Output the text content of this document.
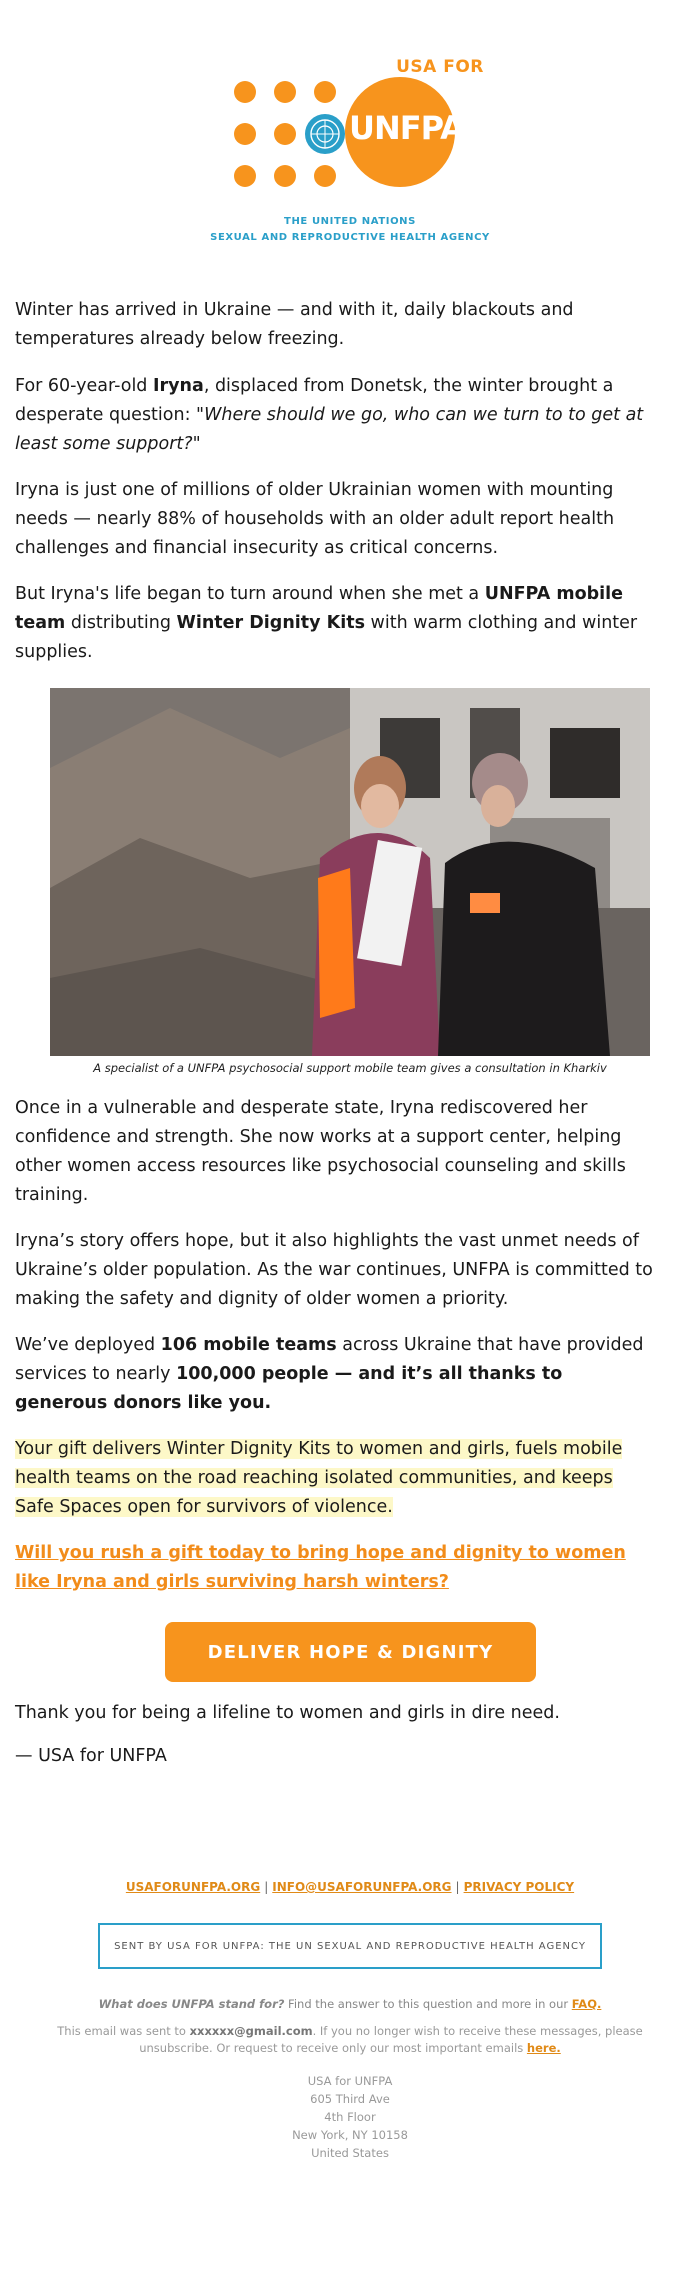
USA FOR
UNFPA
THE UNITED NATIONS
SEXUAL AND REPRODUCTIVE HEALTH AGENCY

Winter has arrived in Ukraine — and with it, daily blackouts and temperatures already below freezing.

For 60-year-old Iryna, displaced from Donetsk, the winter brought a desperate question: "Where should we go, who can we turn to to get at least some support?"

Iryna is just one of millions of older Ukrainian women with mounting needs — nearly 88% of households with an older adult report health challenges and financial insecurity as critical concerns.

But Iryna's life began to turn around when she met a UNFPA mobile team distributing Winter Dignity Kits with warm clothing and winter supplies.

A specialist of a UNFPA psychosocial support mobile team gives a consultation in Kharkiv

Once in a vulnerable and desperate state, Iryna rediscovered her confidence and strength. She now works at a support center, helping other women access resources like psychosocial counseling and skills training.

Iryna’s story offers hope, but it also highlights the vast unmet needs of Ukraine’s older population. As the war continues, UNFPA is committed to making the safety and dignity of older women a priority.

We’ve deployed 106 mobile teams across Ukraine that have provided services to nearly 100,000 people — and it’s all thanks to generous donors like you.

Your gift delivers Winter Dignity Kits to women and girls, fuels mobile health teams on the road reaching isolated communities, and keeps Safe Spaces open for survivors of violence.

Will you rush a gift today to bring hope and dignity to women like Iryna and girls surviving harsh winters?

DELIVER HOPE & DIGNITY

Thank you for being a lifeline to women and girls in dire need.

— USA for UNFPA

USAFORUNFPA.ORG | INFO@USAFORUNFPA.ORG | PRIVACY POLICY
SENT BY USA FOR UNFPA: THE UN SEXUAL AND REPRODUCTIVE HEALTH AGENCY
What does UNFPA stand for? Find the answer to this question and more in our FAQ.
This email was sent to xxxxxx@gmail.com. If you no longer wish to receive these messages, please unsubscribe. Or request to receive only our most important emails here.
USA for UNFPA
605 Third Ave
4th Floor
New York, NY 10158
United States
